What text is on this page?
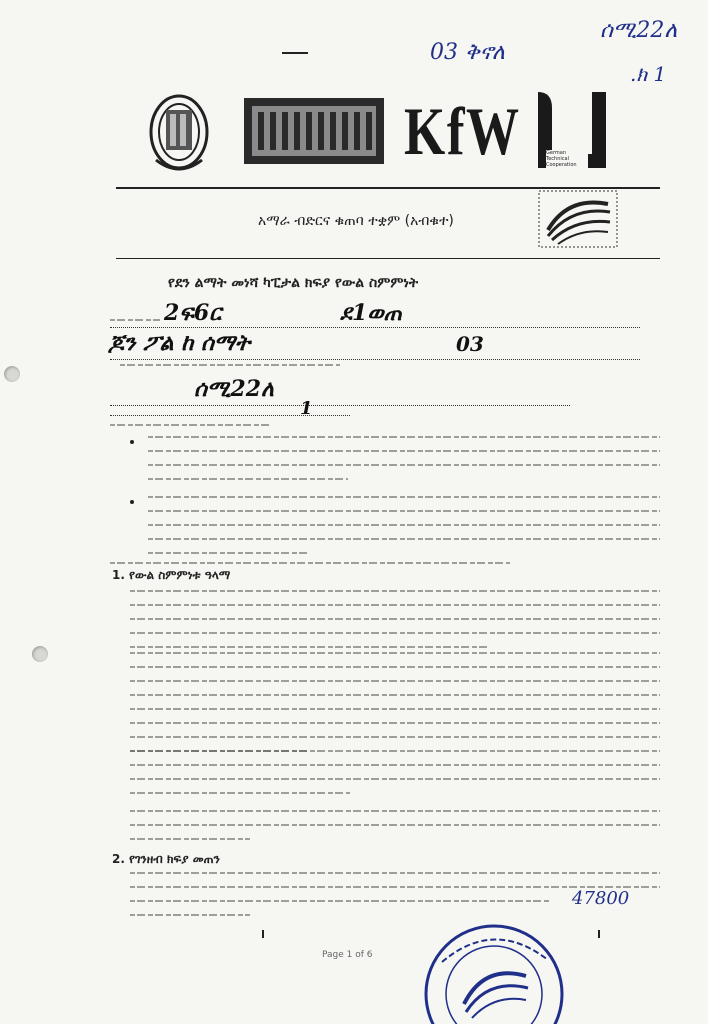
03 ቅኖለ
ሰሚ22ለ
.ክ 1
KfW	German Technical Cooperation
አማራ ብድርና ቁጠባ ተቋም (አብቁተ)
የደን ልማት መነሻ ካፒታል ክፍያ የውል ስምምነት
2ፍ6ር	ደ1ወጠ
ጆን ፖል ከ ሰማት	03
ሰሚ22ለ
1
1. የውል ስምምነቱ ዓላማ
2. የገንዘብ ክፍያ መጠን
47800
Page 1 of 6
